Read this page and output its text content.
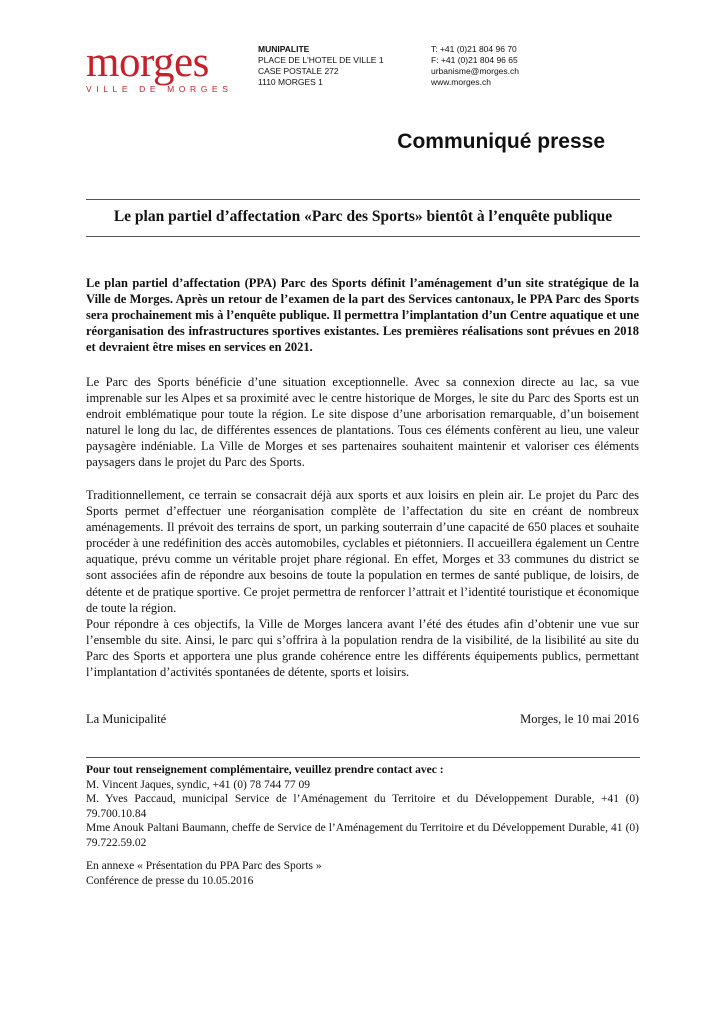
morges
VILLE DE MORGES
MUNIPALITE
PLACE DE L'HOTEL DE VILLE 1
CASE POSTALE 272
1110 MORGES 1
T: +41 (0)21 804 96 70
F: +41 (0)21 804 96 65
urbanisme@morges.ch
www.morges.ch
Communiqué presse
Le plan partiel d’affectation «Parc des Sports» bientôt à l’enquête publique
Le plan partiel d’affectation (PPA) Parc des Sports définit l’aménagement d’un site stratégique de la Ville de Morges. Après un retour de l’examen de la part des Services cantonaux, le PPA Parc des Sports sera prochainement mis à l’enquête publique. Il permettra l’implantation d’un Centre aquatique et une réorganisation des infrastructures sportives existantes. Les premières réalisations sont prévues en 2018 et devraient être mises en services en 2021.
Le Parc des Sports bénéficie d’une situation exceptionnelle. Avec sa connexion directe au lac, sa vue imprenable sur les Alpes et sa proximité avec le centre historique de Morges, le site du Parc des Sports est un endroit emblématique pour toute la région. Le site dispose d’une arborisation remarquable, d’un boisement naturel le long du lac, de différentes essences de plantations. Tous ces éléments confèrent au lieu, une valeur paysagère indéniable. La Ville de Morges et ses partenaires souhaitent maintenir et valoriser ces éléments paysagers dans le projet du Parc des Sports.
Traditionnellement, ce terrain se consacrait déjà aux sports et aux loisirs en plein air. Le projet du Parc des Sports permet d’effectuer une réorganisation complète de l’affectation du site en créant de nombreux aménagements. Il prévoit des terrains de sport, un parking souterrain d’une capacité de 650 places et souhaite procéder à une redéfinition des accès automobiles, cyclables et piétonniers. Il accueillera également un Centre aquatique, prévu comme un véritable projet phare régional. En effet, Morges et 33 communes du district se sont associées afin de répondre aux besoins de toute la population en termes de santé publique, de loisirs, de détente et de pratique sportive. Ce projet permettra de renforcer l’attrait et l’identité touristique et économique de toute la région.
Pour répondre à ces objectifs, la Ville de Morges lancera avant l’été des études afin d’obtenir une vue sur l’ensemble du site. Ainsi, le parc qui s’offrira à la population rendra de la visibilité, de la lisibilité au site du Parc des Sports et apportera une plus grande cohérence entre les différents équipements publics, permettant l’implantation d’activités spontanées de détente, sports et loisirs.
La Municipalité	Morges, le 10 mai 2016
Pour tout renseignement complémentaire, veuillez prendre contact avec :
M. Vincent Jaques, syndic, +41 (0) 78 744 77 09
M. Yves Paccaud, municipal Service de l’Aménagement du Territoire et du Développement Durable, +41 (0) 79.700.10.84
Mme Anouk Paltani Baumann, cheffe de Service de l’Aménagement du Territoire et du Développement Durable, 41 (0) 79.722.59.02
En annexe « Présentation du PPA Parc des Sports »
Conférence de presse du 10.05.2016
